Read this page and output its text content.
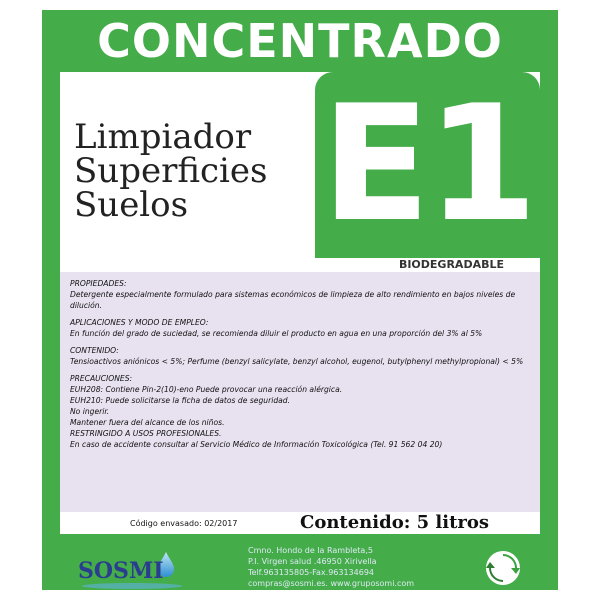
CONCENTRADO
E1
Limpiador
Superficies
Suelos
BIODEGRADABLE

PROPIEDADES:
Detergente especialmente formulado para sistemas económicos de limpieza de alto rendimiento en bajos niveles de dilución.

APLICACIONES Y MODO DE EMPLEO:
En función del grado de suciedad, se recomienda diluir el producto en agua en una proporción del 3% al 5%

CONTENIDO:
Tensioactivos aniónicos < 5%; Perfume (benzyl salicylate, benzyl alcohol, eugenol, butylphenyl methylpropional) < 5%

PRECAUCIONES:
EUH208: Contiene Pin-2(10)-eno Puede provocar una reacción alérgica.
EUH210: Puede solicitarse la ficha de datos de seguridad.
No ingerir.
Mantener fuera del alcance de los niños.
RESTRINGIDO A USOS PROFESIONALES.
En caso de accidente consultar al Servicio Médico de Información Toxicológica (Tel. 91 562 04 20)

Código envasado: 02/2017	Contenido: 5 litros
SOSMI
Cmno. Hondo de la Rambleta,5
P.I. Virgen salud .46950 Xirivella
Telf.963135805-Fax.963134694
compras@sosmi.es. www.gruposomi.com
